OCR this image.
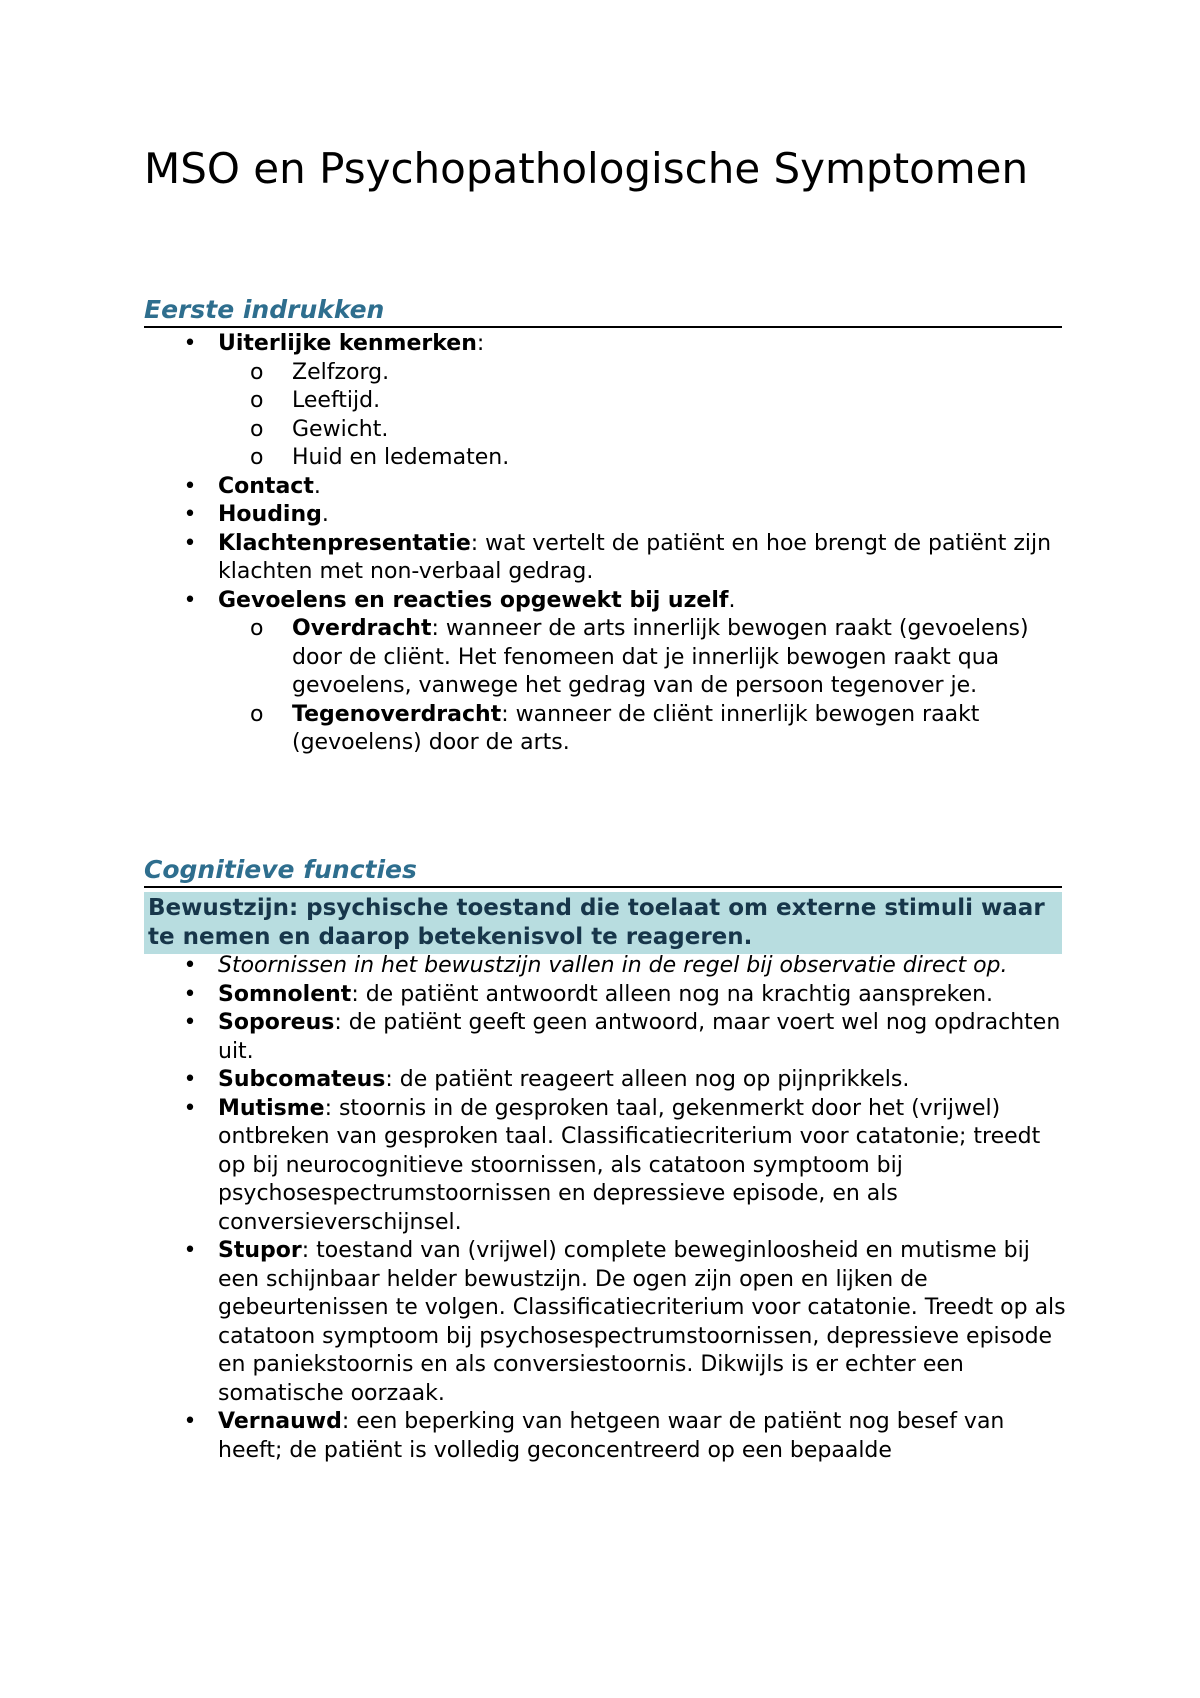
MSO en Psychopathologische Symptomen
Eerste indrukken
• Uiterlijke kenmerken:
o Zelfzorg.
o Leeftijd.
o Gewicht.
o Huid en ledematen.
• Contact.
• Houding.
• Klachtenpresentatie: wat vertelt de patiënt en hoe brengt de patiënt zijn klachten met non-verbaal gedrag.
• Gevoelens en reacties opgewekt bij uzelf.
o Overdracht: wanneer de arts innerlijk bewogen raakt (gevoelens) door de cliënt. Het fenomeen dat je innerlijk bewogen raakt qua gevoelens, vanwege het gedrag van de persoon tegenover je.
o Tegenoverdracht: wanneer de cliënt innerlijk bewogen raakt (gevoelens) door de arts.
Cognitieve functies
Bewustzijn: psychische toestand die toelaat om externe stimuli waar te nemen en daarop betekenisvol te reageren.
• Stoornissen in het bewustzijn vallen in de regel bij observatie direct op.
• Somnolent: de patiënt antwoordt alleen nog na krachtig aanspreken.
• Soporeus: de patiënt geeft geen antwoord, maar voert wel nog opdrachten uit.
• Subcomateus: de patiënt reageert alleen nog op pijnprikkels.
• Mutisme: stoornis in de gesproken taal, gekenmerkt door het (vrijwel) ontbreken van gesproken taal. Classificatiecriterium voor catatonie; treedt op bij neurocognitieve stoornissen, als catatoon symptoom bij psychosespectrumstoornissen en depressieve episode, en als conversieverschijnsel.
• Stupor: toestand van (vrijwel) complete beweginloosheid en mutisme bij een schijnbaar helder bewustzijn. De ogen zijn open en lijken de gebeurtenissen te volgen. Classificatiecriterium voor catatonie. Treedt op als catatoon symptoom bij psychosespectrumstoornissen, depressieve episode en paniekstoornis en als conversiestoornis. Dikwijls is er echter een somatische oorzaak.
• Vernauwd: een beperking van hetgeen waar de patiënt nog besef van heeft; de patiënt is volledig geconcentreerd op een bepaalde
